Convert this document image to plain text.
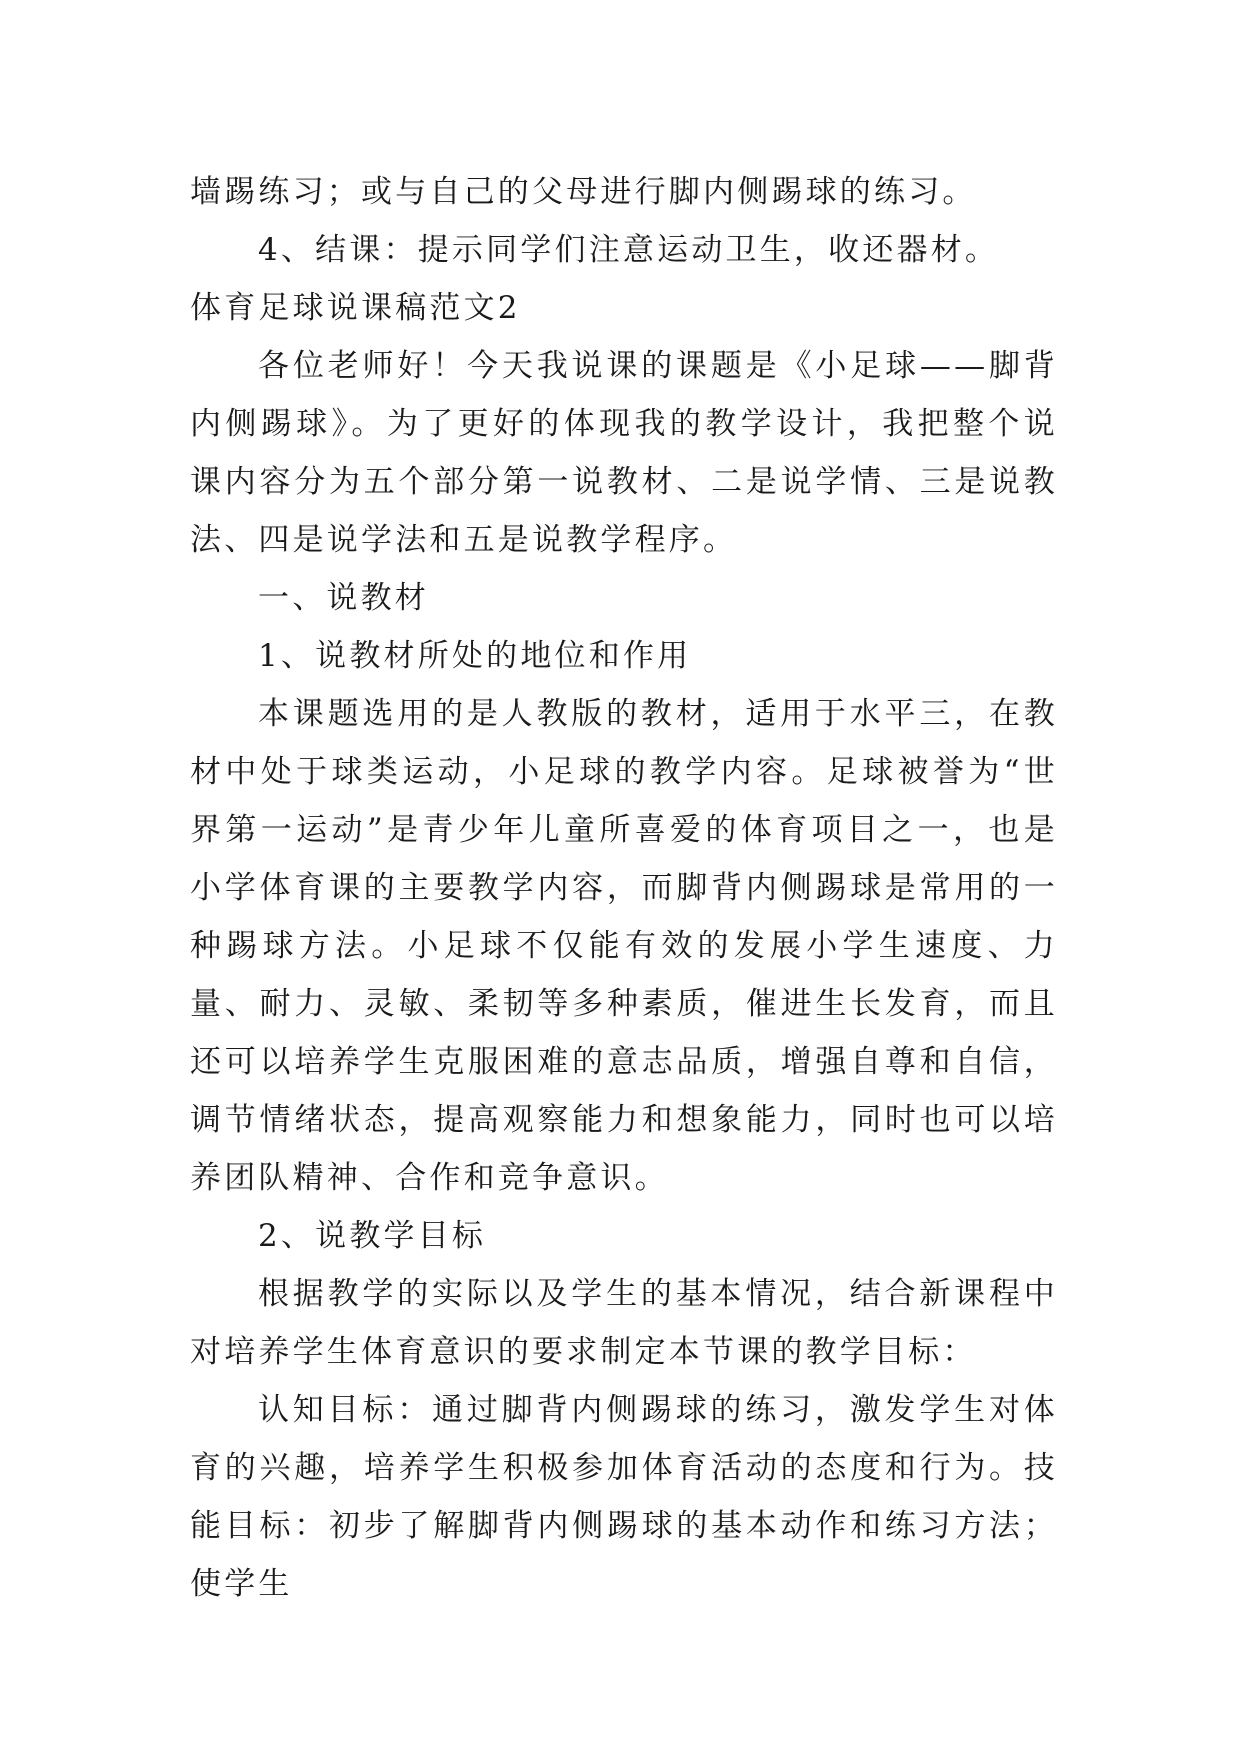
墙踢练习；或与自己的父母进行脚内侧踢球的练习。

4、结课：提示同学们注意运动卫生，收还器材。

体育足球说课稿范文2

各位老师好！今天我说课的课题是《小足球——脚背内侧踢球》。为了更好的体现我的教学设计，我把整个说课内容分为五个部分第一说教材、二是说学情、三是说教法、四是说学法和五是说教学程序。

一、说教材

1、说教材所处的地位和作用

本课题选用的是人教版的教材，适用于水平三，在教材中处于球类运动，小足球的教学内容。足球被誉为“世界第一运动”是青少年儿童所喜爱的体育项目之一，也是小学体育课的主要教学内容，而脚背内侧踢球是常用的一种踢球方法。小足球不仅能有效的发展小学生速度、力量、耐力、灵敏、柔韧等多种素质，催进生长发育，而且还可以培养学生克服困难的意志品质，增强自尊和自信，调节情绪状态，提高观察能力和想象能力，同时也可以培养团队精神、合作和竞争意识。

2、说教学目标

根据教学的实际以及学生的基本情况，结合新课程中对培养学生体育意识的要求制定本节课的教学目标：

认知目标：通过脚背内侧踢球的练习，激发学生对体育的兴趣，培养学生积极参加体育活动的态度和行为。技能目标：初步了解脚背内侧踢球的基本动作和练习方法；使学生
